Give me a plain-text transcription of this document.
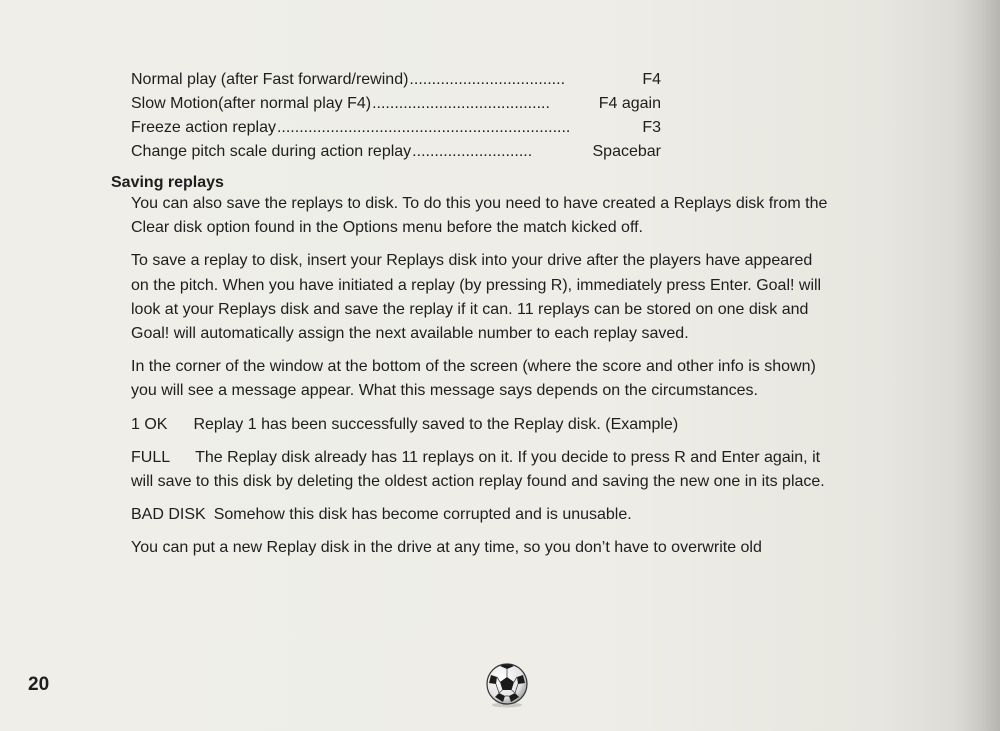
Normal play (after Fast forward/rewind) ...................................	F4
Slow Motion(after normal play F4) ........................................	F4 again
Freeze action replay ..................................................................	F3
Change pitch scale during action replay ...........................	Spacebar
Saving replays

You can also save the replays to disk. To do this you need to have created a Replays disk from the Clear disk option found in the Options menu before the match kicked off.

To save a replay to disk, insert your Replays disk into your drive after the players have appeared on the pitch. When you have initiated a replay (by pressing R), immediately press Enter. Goal! will look at your Replays disk and save the replay if it can. 11 replays can be stored on one disk and Goal! will automatically assign the next available number to each replay saved.

In the corner of the window at the bottom of the screen (where the score and other info is shown) you will see a message appear. What this message says depends on the circumstances.

1 OK Replay 1 has been successfully saved to the Replay disk. (Example)

FULL The Replay disk already has 11 replays on it. If you decide to press R and Enter again, it will save to this disk by deleting the oldest action replay found and saving the new one in its place.

BAD DISK Somehow this disk has become corrupted and is unusable.

You can put a new Replay disk in the drive at any time, so you don’t have to overwrite old

20
